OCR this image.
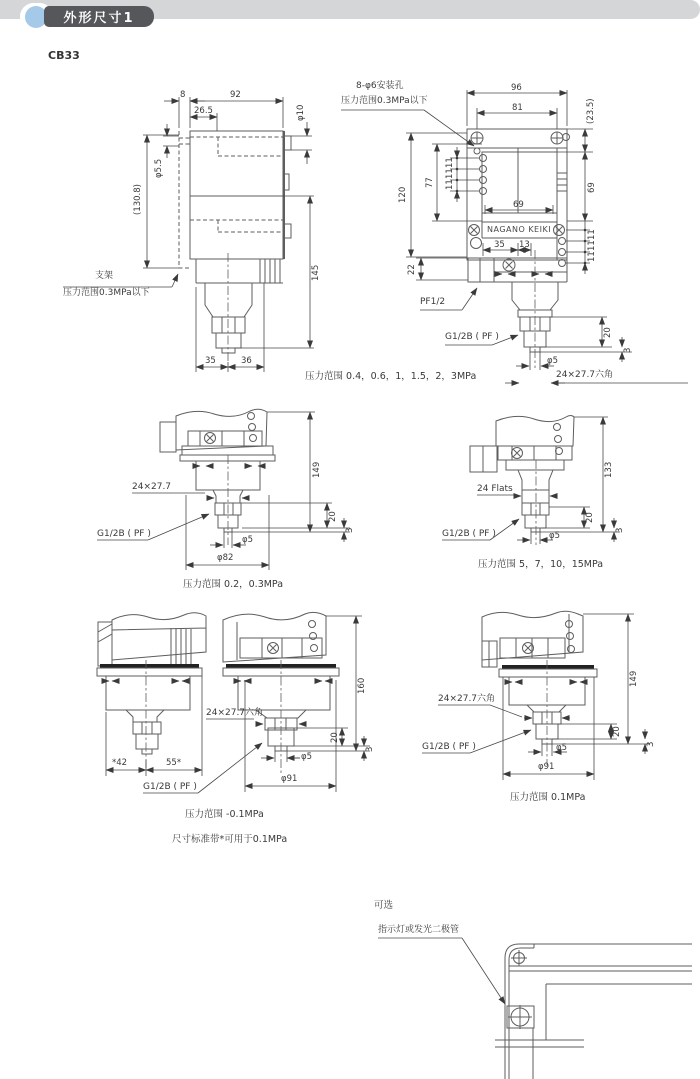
外形尺寸1
CB33
8	92
26.5	φ10
φ5.5
(130.8)
145
35	36
支架
压力范围0.3MPa以下
8-φ6安装孔
压力范围0.3MPa以下
96
81	(23.5)
120
77
11
11
11
69
69
11
11
11
NAGANO KEIKI
35 13
22
PF1/2
G1/2B ( PF )	20
3
φ5
24×27.7六角
压力范围 0.4，0.6，1，1.5，2，3MPa
24×27.7
G1/2B ( PF )
149
20
3
φ5
φ82
压力范围 0.2，0.3MPa
24 Flats
G1/2B ( PF )
133
20
3
φ5
压力范围 5，7，10，15MPa
*42	55*
24×27.7六角
G1/2B ( PF )
160
20
3
φ5
φ91
压力范围 -0.1MPa
尺寸标准带*可用于0.1MPa
24×27.7六角
G1/2B ( PF )
149
20
3
φ5
φ91
压力范围 0.1MPa
可选
指示灯或发光二极管
